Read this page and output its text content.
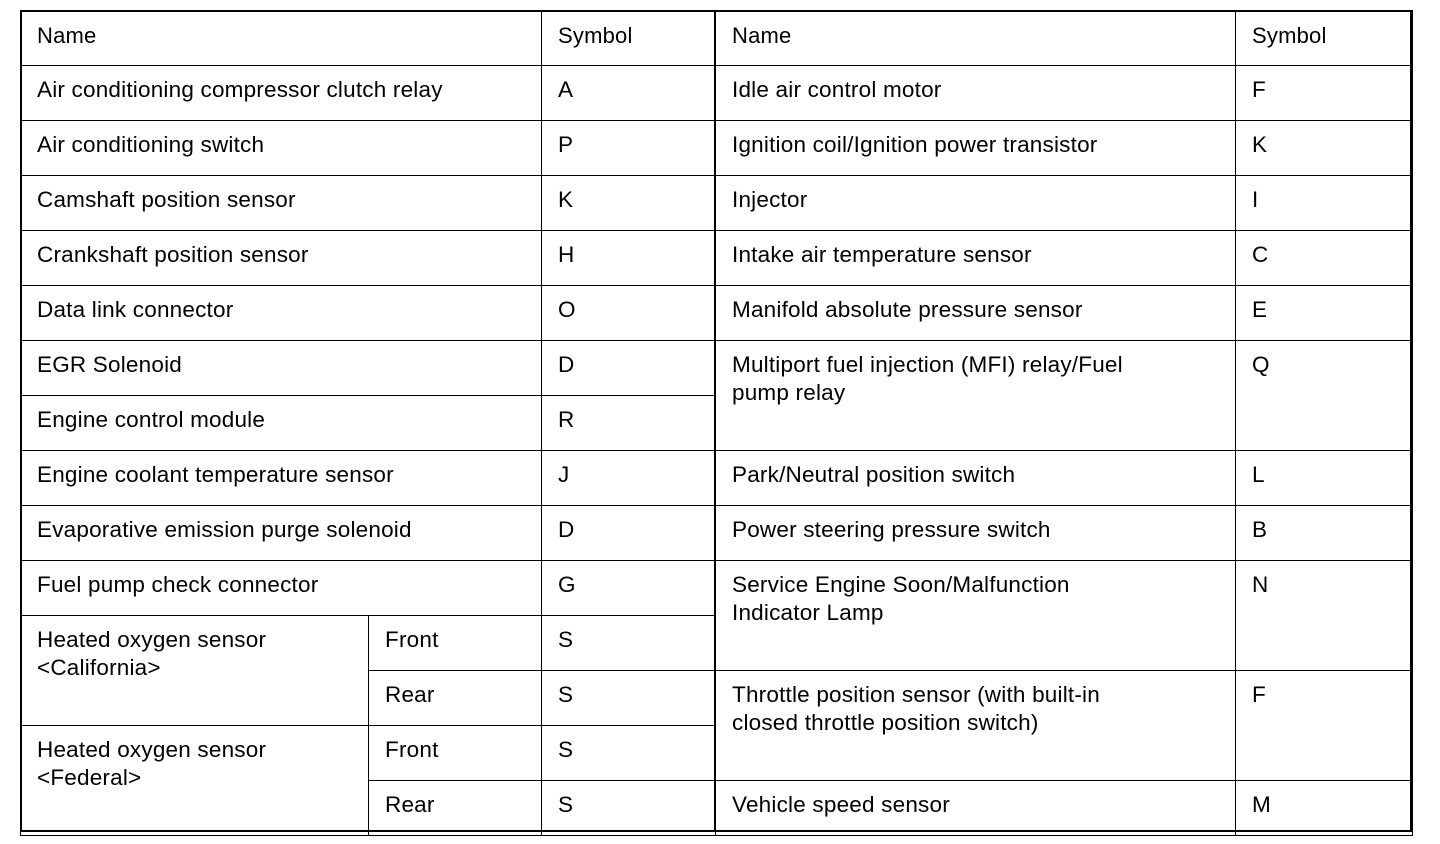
Name		Symbol
Air conditioning compressor clutch relay		A
Air conditioning switch		P
Camshaft position sensor		K
Crankshaft position sensor		H
Data link connector		O
EGR Solenoid		D
Engine control module		R
Engine coolant temperature sensor		J
Evaporative emission purge solenoid		D
Fuel pump check connector		G
Heated oxygen sensor
<California>	Front	S
	Rear	S
Heated oxygen sensor
<Federal>	Front	S
	Rear	S
Name	Symbol
Idle air control motor	F
Ignition coil/Ignition power transistor	K
Injector	I
Intake air temperature sensor	C
Manifold absolute pressure sensor	E
Multiport fuel injection (MFI) relay/Fuel
pump relay	Q
Park/Neutral position switch	L
Power steering pressure switch	B
Service Engine Soon/Malfunction
Indicator Lamp	N
Throttle position sensor (with built-in
closed throttle position switch)	F
Vehicle speed sensor	M
